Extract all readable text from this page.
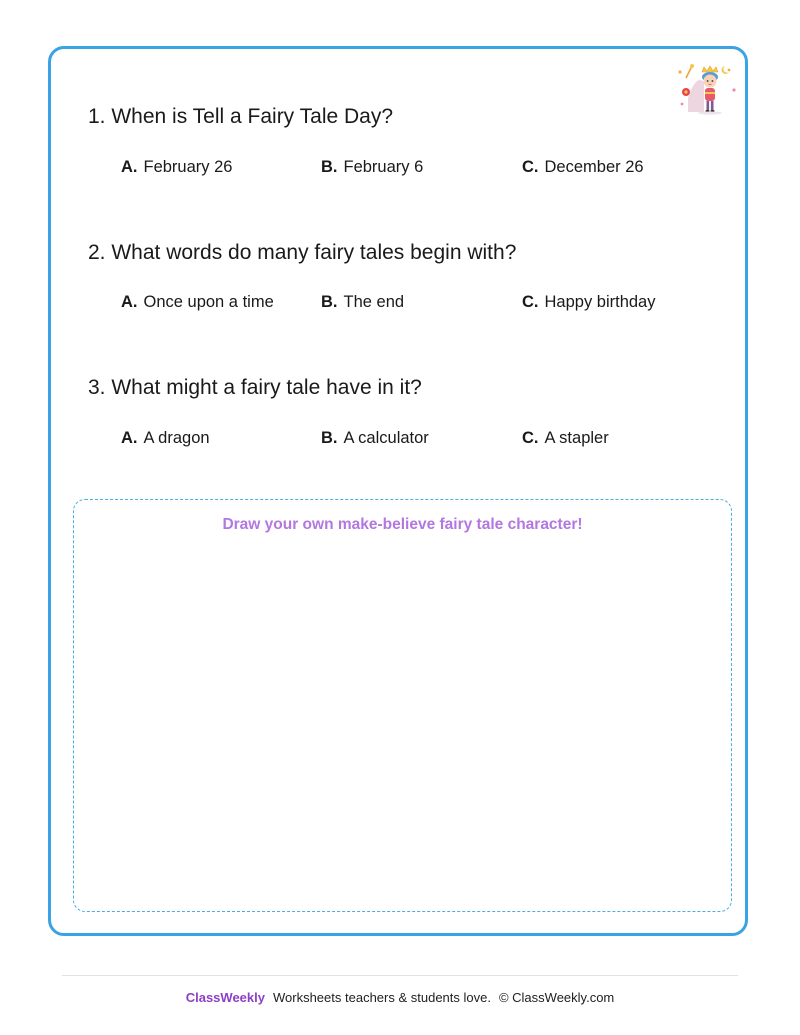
1. When is Tell a Fairy Tale Day?

A. February 26	B. February 6	C. December 26

2. What words do many fairy tales begin with?

A. Once upon a time	B. The end	C. Happy birthday

3. What might a fairy tale have in it?

A. A dragon	B. A calculator	C. A stapler
Draw your own make-believe fairy tale character!
ClassWeekly Worksheets teachers & students love. © ClassWeekly.com
